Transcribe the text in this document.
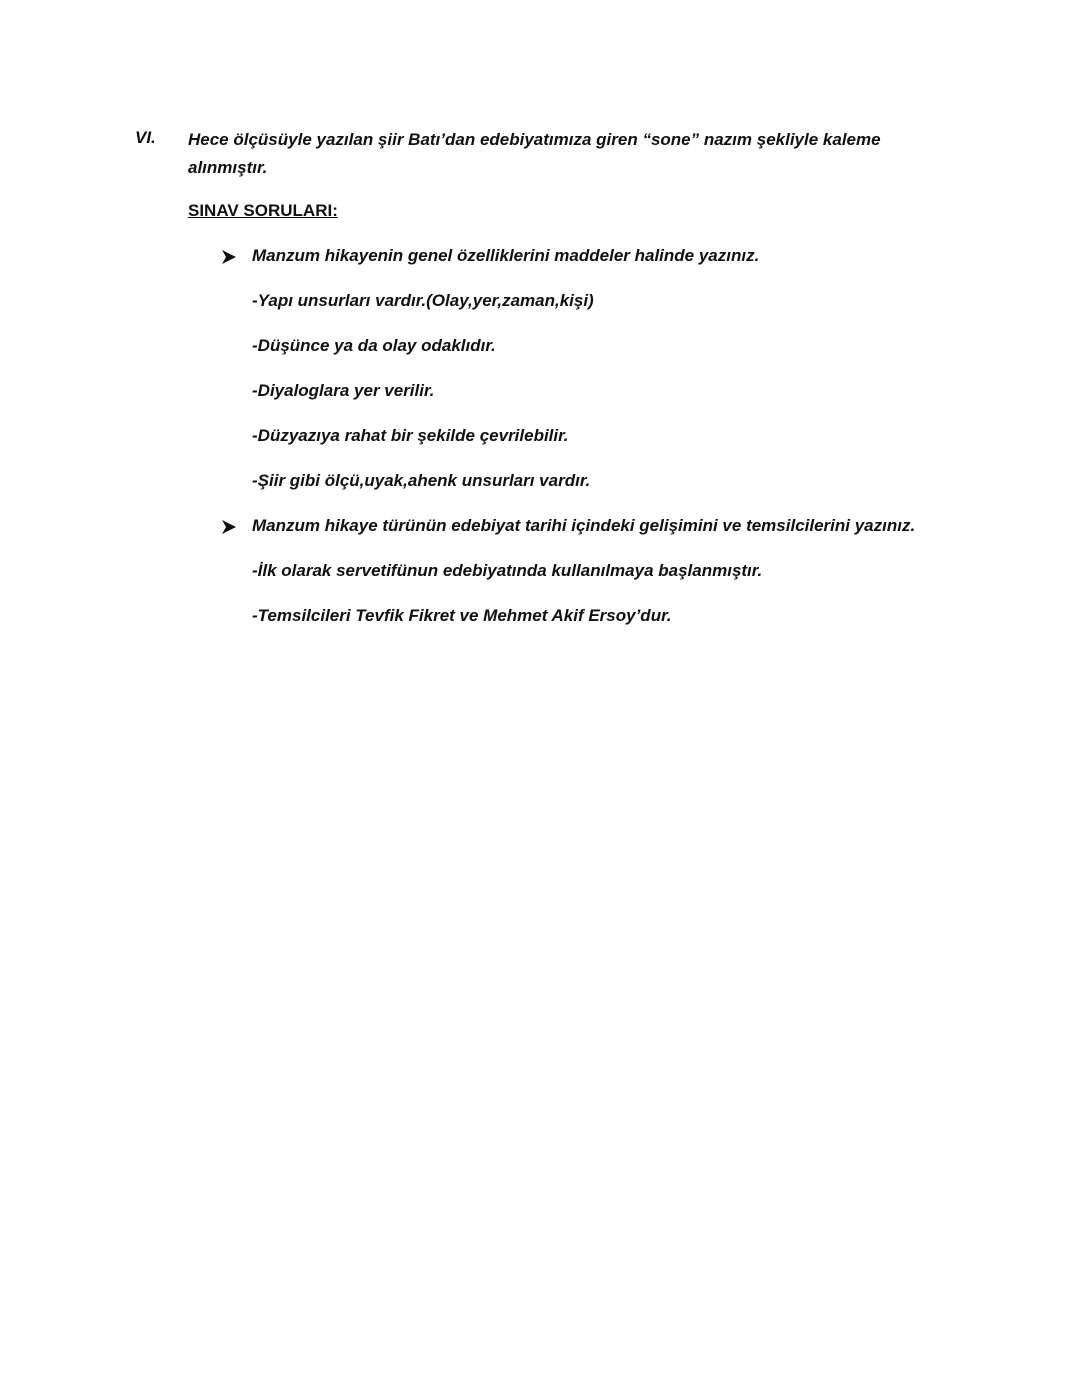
VI. Hece ölçüsüyle yazılan şiir Batı’dan edebiyatımıza giren “sone” nazım şekliyle kaleme alınmıştır.
SINAV SORULARI:
Manzum hikayenin genel özelliklerini maddeler halinde yazınız.
-Yapı unsurları vardır.(Olay,yer,zaman,kişi)
-Düşünce ya da olay odaklıdır.
-Diyaloglara yer verilir.
-Düzyazıya rahat bir şekilde çevrilebilir.
-Şiir gibi ölçü,uyak,ahenk unsurları vardır.
Manzum hikaye türünün edebiyat tarihi içindeki gelişimini ve temsilcilerini yazınız.
-İlk olarak servetifünun edebiyatında kullanılmaya başlanmıştır.
-Temsilcileri Tevfik Fikret ve Mehmet Akif Ersoy’dur.
